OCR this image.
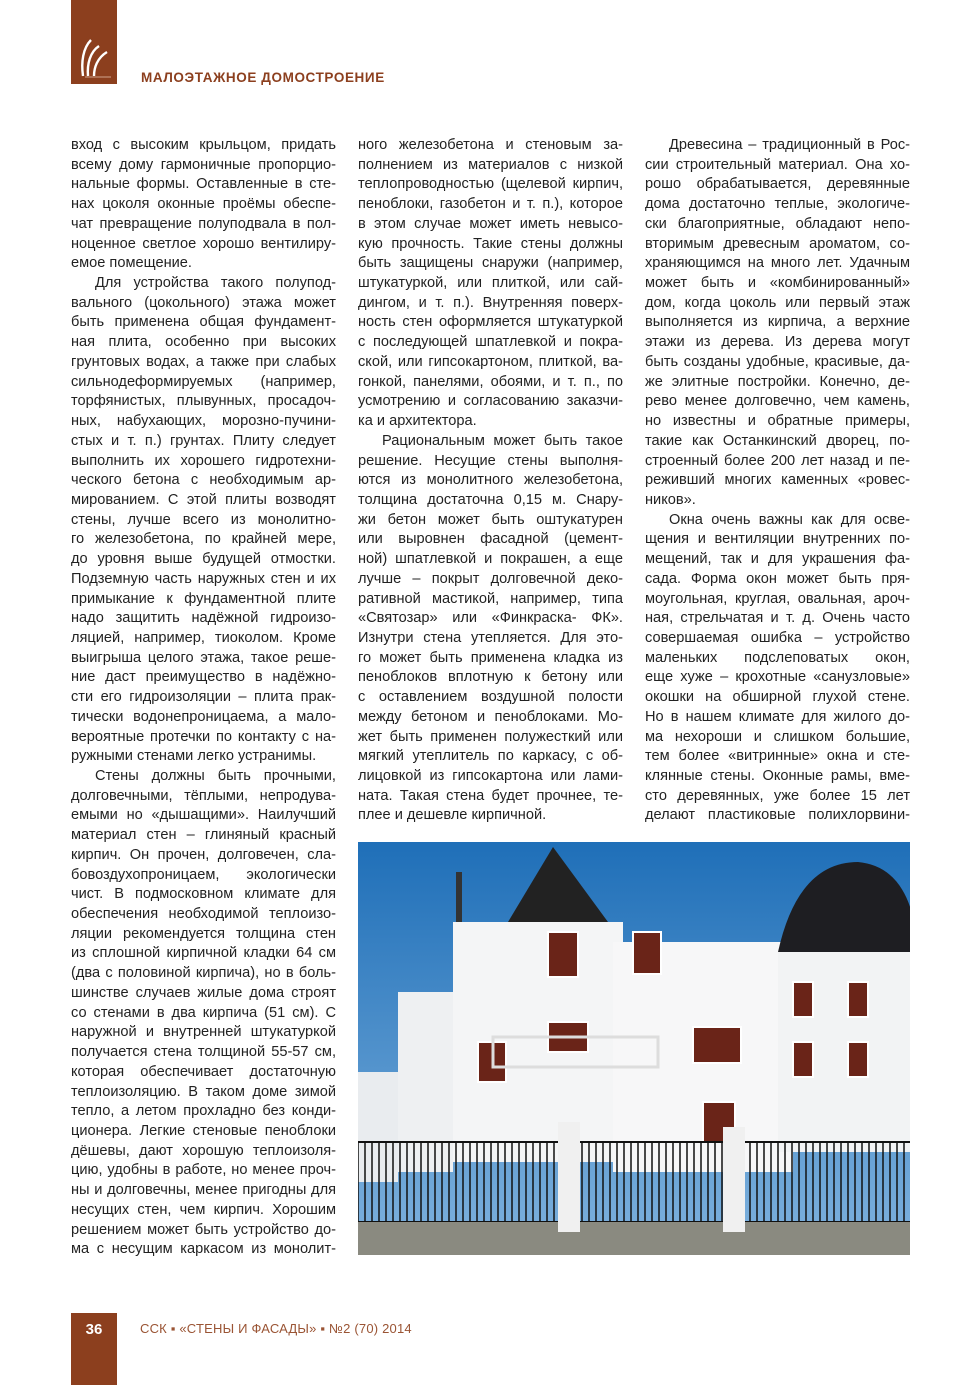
МАЛОЭТАЖНОЕ ДОМОСТРОЕНИЕ
вход с высоким крыльцом, придать
всему дому гармоничные пропорцио-
нальные формы. Оставленные в сте-
нах цоколя оконные проёмы обеспе-
чат превращение полуподвала в пол-
ноценное светлое хорошо вентилиру-
емое помещение.
Для устройства такого полупод-
вального (цокольного) этажа может
быть применена общая фундамент-
ная плита, особенно при высоких
грунтовых водах, а также при слабых
сильнодеформируемых (например,
торфянистых, плывунных, просадоч-
ных, набухающих, морозно-пучини-
стых и т. п.) грунтах. Плиту следует
выполнить их хорошего гидротехни-
ческого бетона с необходимым ар-
мированием. С этой плиты возводят
стены, лучше всего из монолитно-
го железобетона, по крайней мере,
до уровня выше будущей отмостки.
Подземную часть наружных стен и их
примыкание к фундаментной плите
надо защитить надёжной гидроизо-
ляцией, например, тиоколом. Кроме
выигрыша целого этажа, такое реше-
ние даст преимущество в надёжно-
сти его гидроизоляции – плита прак-
тически водонепроницаема, а мало-
вероятные протечки по контакту с на-
ружными стенами легко устранимы.
Стены должны быть прочными,
долговечными, тёплыми, непродува-
емыми но «дышащими». Наилучший
материал стен – глиняный красный
кирпич. Он прочен, долговечен, сла-
бовоздухопроницаем, экологически
чист. В подмосковном климате для
обеспечения необходимой теплоизо-
ляции рекомендуется толщина стен
из сплошной кирпичной кладки 64 см
(два с половиной кирпича), но в боль-
шинстве случаев жилые дома строят
со стенами в два кирпича (51 см). С
наружной и внутренней штукатуркой
получается стена толщиной 55-57 см,
которая обеспечивает достаточную
теплоизоляцию. В таком доме зимой
тепло, а летом прохладно без конди-
ционера. Легкие стеновые пеноблоки
дёшевы, дают хорошую теплоизоля-
цию, удобны в работе, но менее проч-
ны и долговечны, менее пригодны для
несущих стен, чем кирпич. Хорошим
решением может быть устройство до-
ма с несущим каркасом из монолит-
ного железобетона и стеновым за-
полнением из материалов с низкой
теплопроводностью (щелевой кирпич,
пеноблоки, газобетон и т. п.), которое
в этом случае может иметь невысо-
кую прочность. Такие стены должны
быть защищены снаружи (например,
штукатуркой, или плиткой, или сай-
дингом, и т. п.). Внутренняя поверх-
ность стен оформляется штукатуркой
с последующей шпатлевкой и покра-
ской, или гипсокартоном, плиткой, ва-
гонкой, панелями, обоями, и т. п., по
усмотрению и согласованию заказчи-
ка и архитектора.
Рациональным может быть такое
решение. Несущие стены выполня-
ются из монолитного железобетона,
толщина достаточна 0,15 м. Снару-
жи бетон может быть оштукатурен
или выровнен фасадной (цемент-
ной) шпатлевкой и покрашен, а еще
лучше – покрыт долговечной деко-
ративной мастикой, например, типа
«Святозар» или «Финкраска- ФК».
Изнутри стена утепляется. Для это-
го может быть применена кладка из
пеноблоков вплотную к бетону или
с оставлением воздушной полости
между бетоном и пеноблоками. Мо-
жет быть применен полужесткий или
мягкий утеплитель по каркасу, с об-
лицовкой из гипсокартона или лами-
ната. Такая стена будет прочнее, те-
плее и дешевле кирпичной.
Древесина – традиционный в Рос-
сии строительный материал. Она хо-
рошо обрабатывается, деревянные
дома достаточно теплые, экологиче-
ски благоприятные, обладают непо-
вторимым древесным ароматом, со-
храняющимся на много лет. Удачным
может быть и «комбинированный»
дом, когда цоколь или первый этаж
выполняется из кирпича, а верхние
этажи из дерева. Из дерева могут
быть созданы удобные, красивые, да-
же элитные постройки. Конечно, де-
рево менее долговечно, чем камень,
но известны и обратные примеры,
такие как Останкинский дворец, по-
строенный более 200 лет назад и пе-
реживший многих каменных «ровес-
ников».
Окна очень важны как для осве-
щения и вентиляции внутренних по-
мещений, так и для украшения фа-
сада. Форма окон может быть пря-
моугольная, круглая, овальная, aроч-
ная, стрельчатая и т. д. Очень часто
совершаемая ошибка – устройство
маленьких подслеповатых окон,
еще хуже – крохотные «санузловые»
окошки на обширной глухой стене.
Но в нашем климате для жилого до-
ма нехороши и слишком большие,
тем более «витринные» окна и сте-
клянные стены. Оконные рамы, вме-
сто деревянных, уже более 15 лет
делают пластиковые полихлорвини-
36	ССК ▪ «СТЕНЫ И ФАСАДЫ» ▪ №2 (70) 2014
